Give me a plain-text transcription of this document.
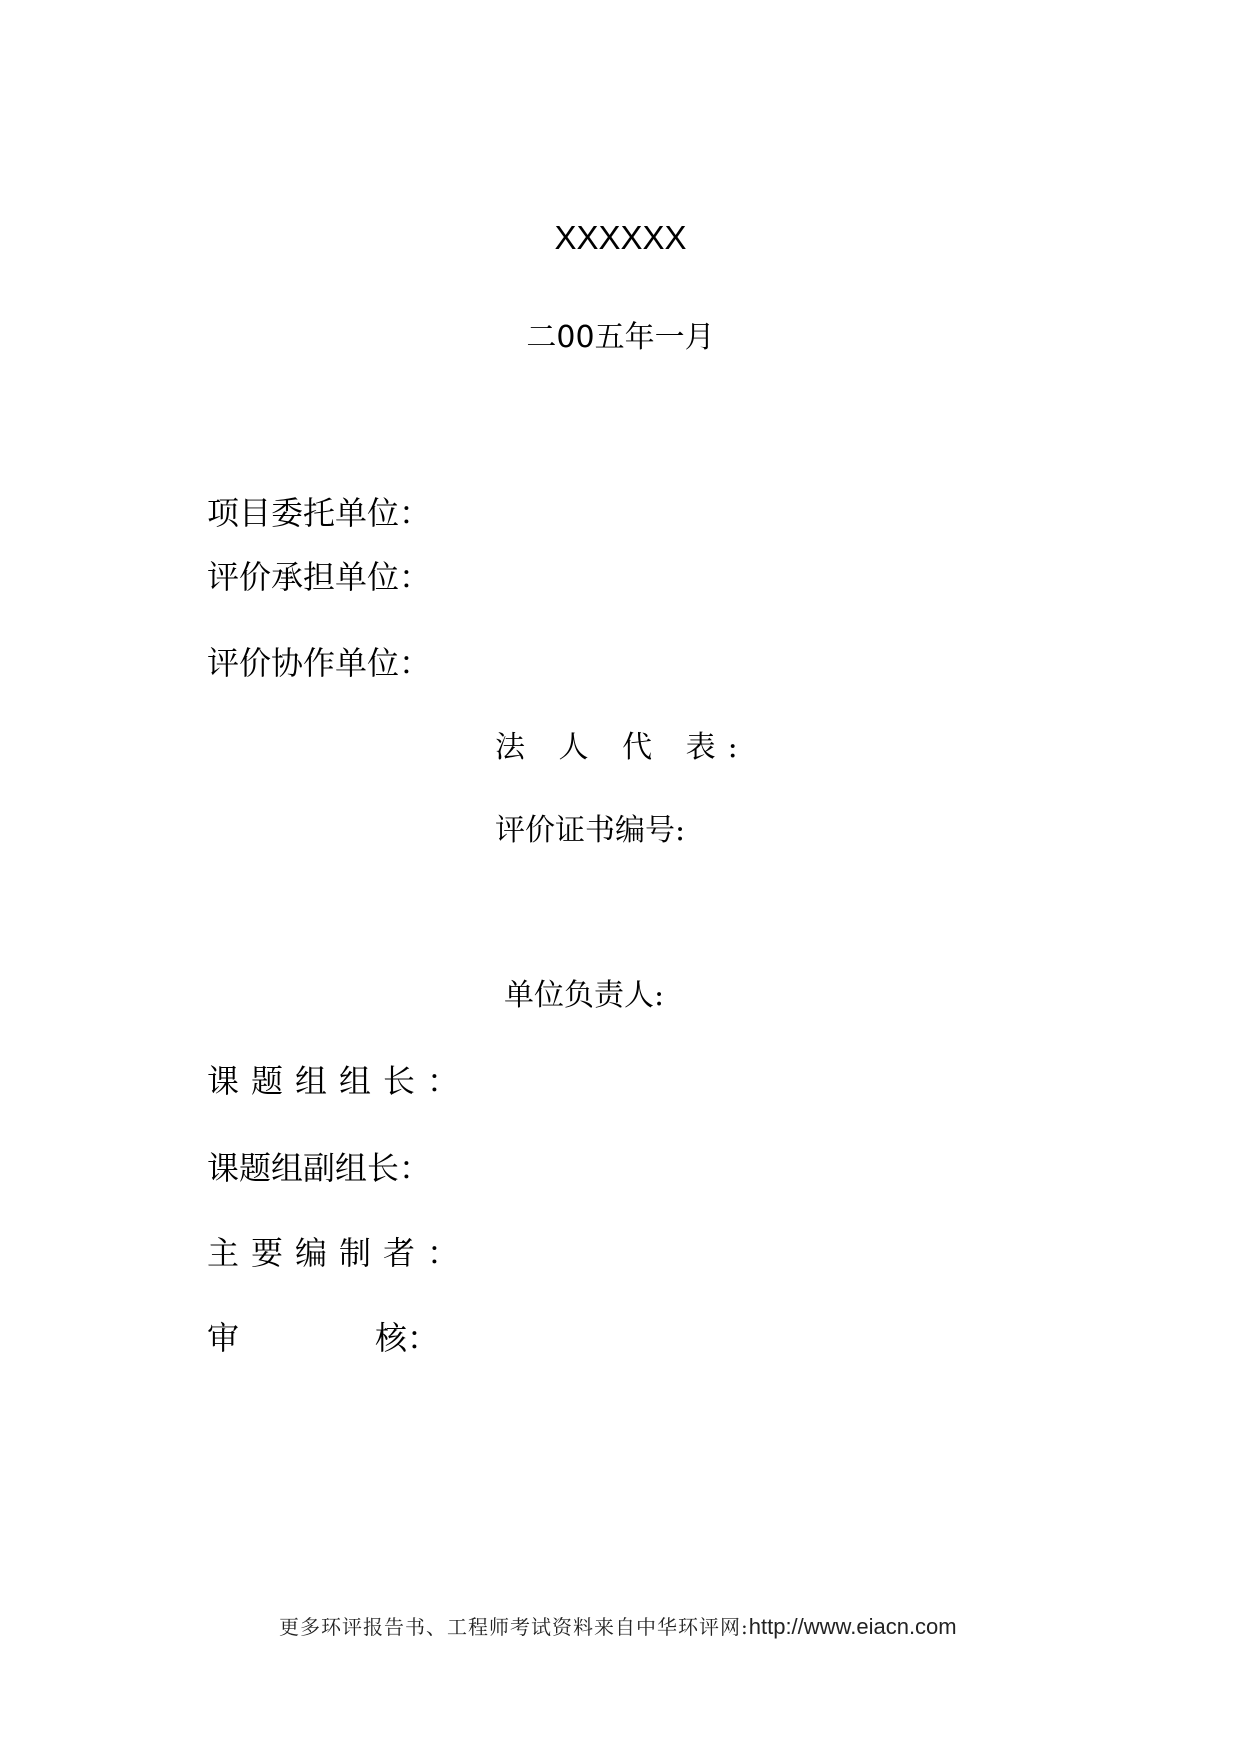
XXXXXX
二00五年一月
项目委托单位：
评价承担单位：
评价协作单位：
法 人 代 表:
评价证书编号:
单位负责人:
课题组组长：
课题组副组长：
主要编制者：
审	核：
更多环评报告书、工程师考试资料来自中华环评网:http://www.eiacn.com
